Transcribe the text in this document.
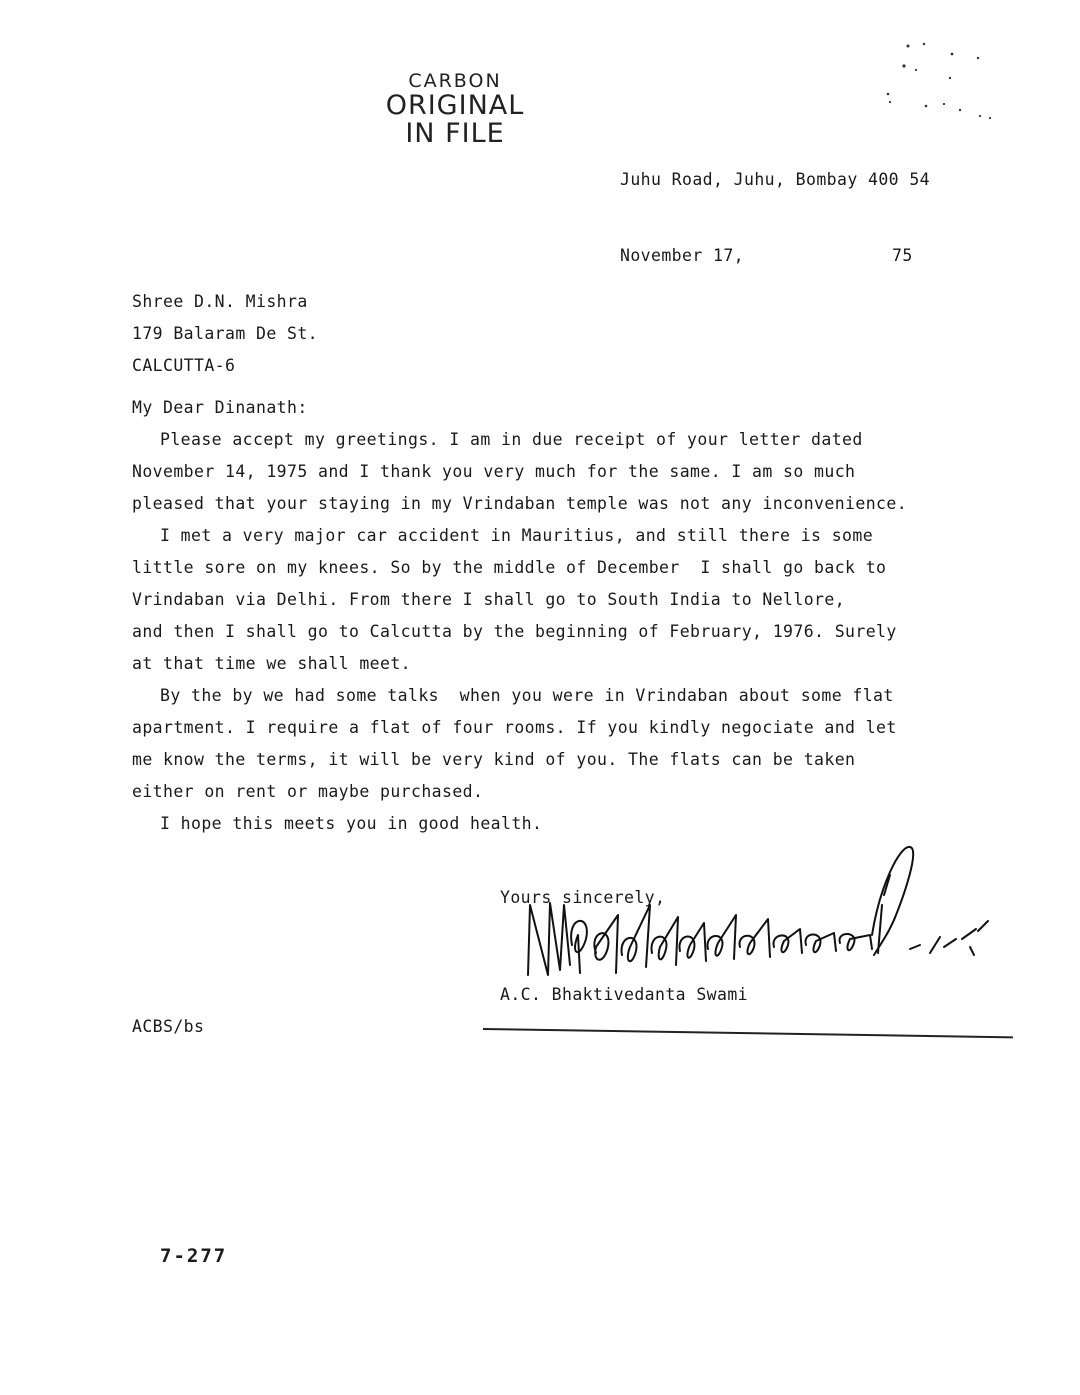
CARBON
ORIGINAL
IN FILE
Juhu Road, Juhu, Bombay 400 54
November 17,	75
Shree D.N. Mishra
179 Balaram De St.
CALCUTTA-6
My Dear Dinanath:
Please accept my greetings. I am in due receipt of your letter dated
November 14, 1975 and I thank you very much for the same. I am so much
pleased that your staying in my Vrindaban temple was not any inconvenience.
I met a very major car accident in Mauritius, and still there is some
little sore on my knees. So by the middle of December  I shall go back to
Vrindaban via Delhi. From there I shall go to South India to Nellore,
and then I shall go to Calcutta by the beginning of February, 1976. Surely
at that time we shall meet.
By the by we had some talks  when you were in Vrindaban about some flat
apartment. I require a flat of four rooms. If you kindly negociate and let
me know the terms, it will be very kind of you. The flats can be taken
either on rent or maybe purchased.
I hope this meets you in good health.
Yours sincerely,
A.C. Bhaktivedanta Swami
ACBS/bs
7-277
